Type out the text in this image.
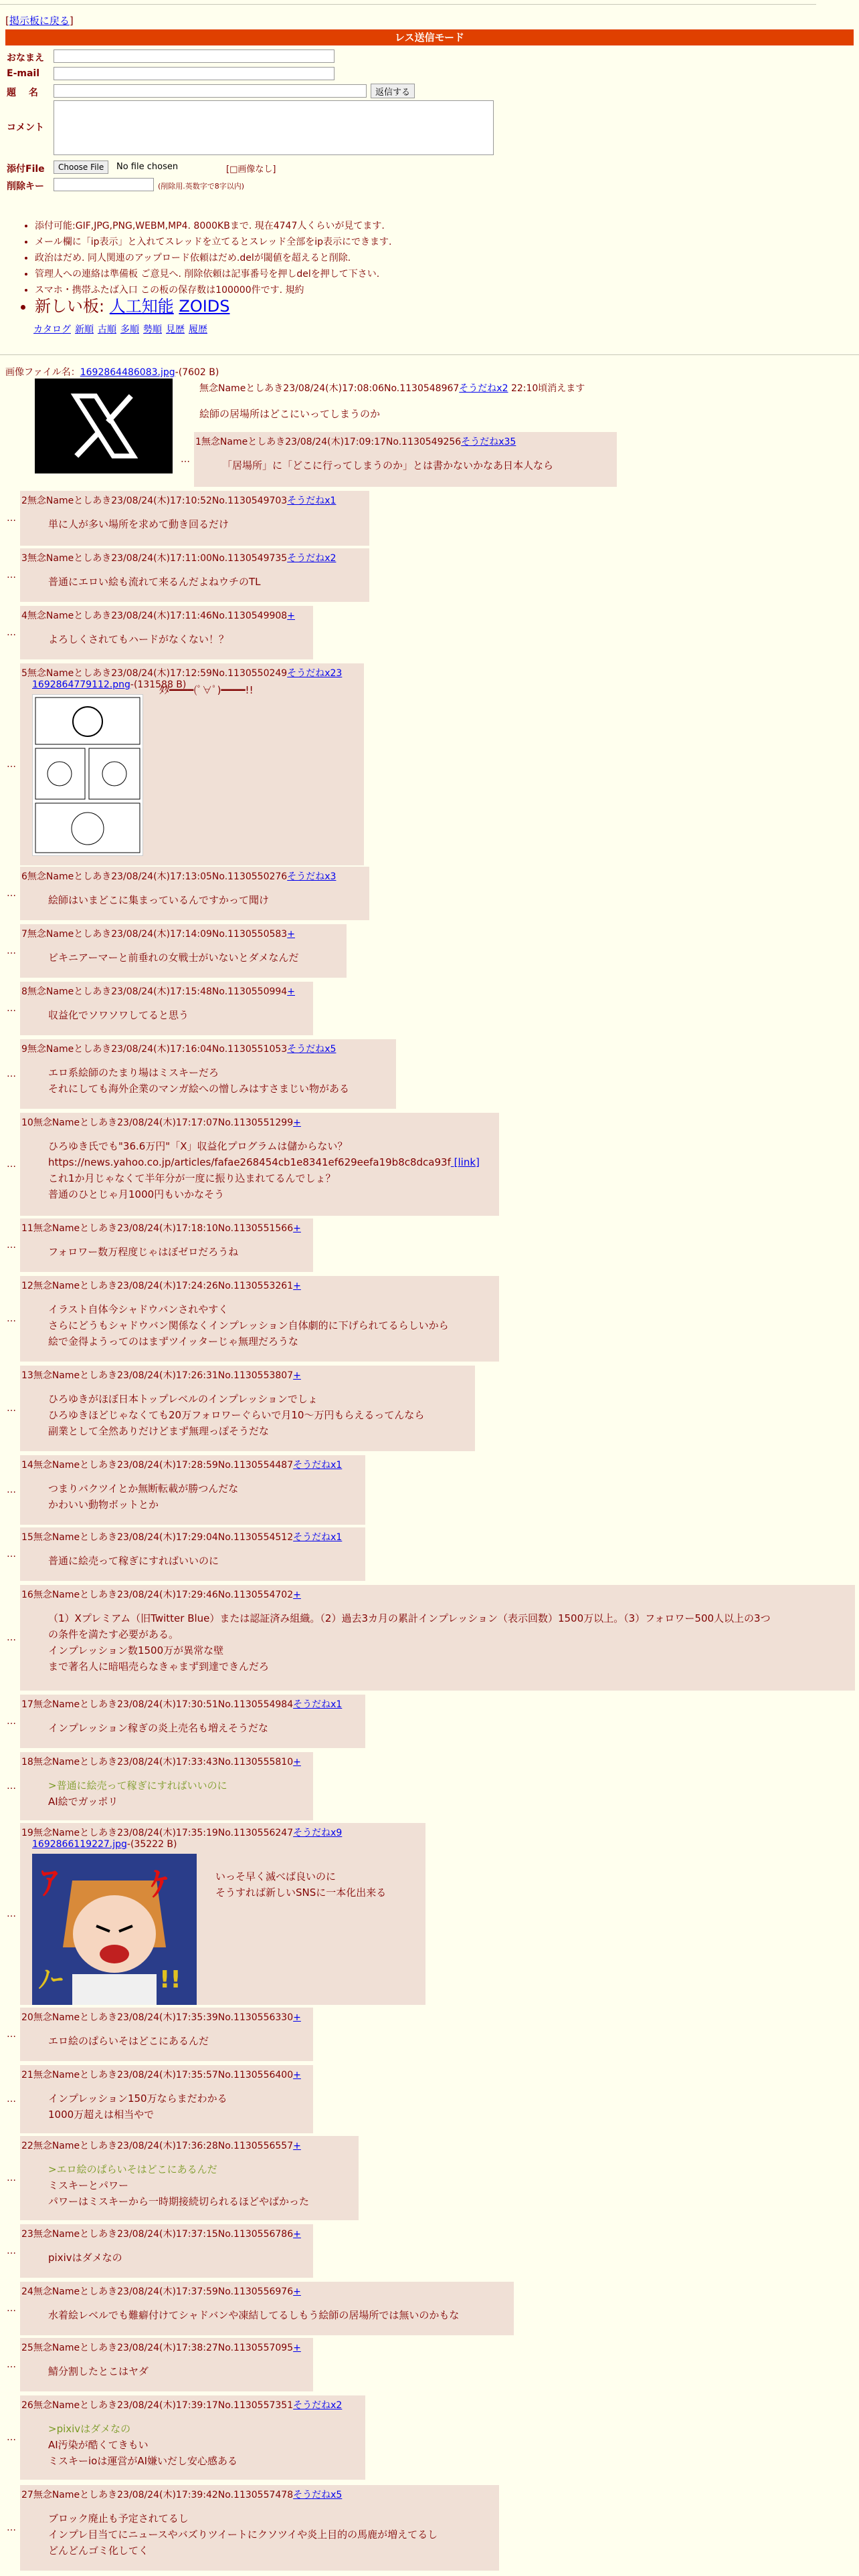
[掲示板に戻る]
レス送信モード
おなまえ
E-mail
題　 名	返信する
コメント
添付File	Choose File	No file chosen	[□画像なし]
削除キー	(削除用.英数字で8字以内)
• 添付可能:GIF,JPG,PNG,WEBM,MP4. 8000KBまで. 現在4747人くらいが見てます.
• メール欄に「ip表示」と入れてスレッドを立てるとスレッド全部をip表示にできます.
• 政治はだめ. 同人関連のアップロード依頼はだめ.delが閾値を超えると削除.
• 管理人への連絡は準備板 ご意見へ. 削除依頼は記事番号を押しdelを押して下さい.
• スマホ・携帯ふたば入口 この板の保存数は100000件です. 規約
• 新しい板: 人工知能 ZOIDS
カタログ 新順 古順 多順 勢順 見歴 履歴
画像ファイル名：1692864486083.jpg-(7602 B)
無念Nameとしあき23/08/24(木)17:08:06No.1130548967そうだねx2 22:10頃消えます
絵師の居場所はどこにいってしまうのか
…
1無念Nameとしあき23/08/24(木)17:09:17No.1130549256そうだねx35
「居場所」に「どこに行ってしまうのか」とは書かないかなあ日本人なら
…
2無念Nameとしあき23/08/24(木)17:10:52No.1130549703そうだねx1
単に人が多い場所を求めて動き回るだけ
…
3無念Nameとしあき23/08/24(木)17:11:00No.1130549735そうだねx2
普通にエロい絵も流れて来るんだよねウチのTL
…
4無念Nameとしあき23/08/24(木)17:11:46No.1130549908+
よろしくされてもハードがなくない！？
…
5無念Nameとしあき23/08/24(木)17:12:59No.1130550249そうだねx23
1692864779112.png-(131588 B)
ﾀﾀ━━━━(ﾟ∀ﾟ)━━━━!!
…
6無念Nameとしあき23/08/24(木)17:13:05No.1130550276そうだねx3
絵師はいまどこに集まっているんですかって聞け
…
7無念Nameとしあき23/08/24(木)17:14:09No.1130550583+
ビキニアーマーと前垂れの女戦士がいないとダメなんだ
…
8無念Nameとしあき23/08/24(木)17:15:48No.1130550994+
収益化でソワソワしてると思う
…
9無念Nameとしあき23/08/24(木)17:16:04No.1130551053そうだねx5
エロ系絵師のたまり場はミスキーだろ
それにしても海外企業のマンガ絵への憎しみはすさまじい物がある
…
10無念Nameとしあき23/08/24(木)17:17:07No.1130551299+
ひろゆき氏でも"36.6万円"「X」収益化プログラムは儲からない？
https://news.yahoo.co.jp/articles/fafae268454cb1e8341ef629eefa19b8c8dca93f [link]
これ1か月じゃなくて半年分が一度に振り込まれてるんでしょ？
普通のひとじゃ月1000円もいかなそう
…
11無念Nameとしあき23/08/24(木)17:18:10No.1130551566+
フォロワー数万程度じゃはぼゼロだろうね
…
12無念Nameとしあき23/08/24(木)17:24:26No.1130553261+
イラスト自体今シャドウバンされやすく
さらにどうもシャドウバン関係なくインプレッション自体劇的に下げられてるらしいから
絵で金得ようってのはまずツイッターじゃ無理だろうな
…
13無念Nameとしあき23/08/24(木)17:26:31No.1130553807+
ひろゆきがほぼ日本トップレベルのインプレッションでしょ
ひろゆきほどじゃなくても20万フォロワーぐらいで月10〜万円もらえるってんなら
副業として全然ありだけどまず無理っぽそうだな
…
14無念Nameとしあき23/08/24(木)17:28:59No.1130554487そうだねx1
つまりバクツイとか無断転載が勝つんだな
かわいい動物ボットとか
…
15無念Nameとしあき23/08/24(木)17:29:04No.1130554512そうだねx1
普通に絵売って稼ぎにすればいいのに
…
16無念Nameとしあき23/08/24(木)17:29:46No.1130554702+
（1）Xプレミアム（旧Twitter Blue）または認証済み組織。（2）過去3カ月の累計インプレッション（表示回数）1500万以上。（3）フォロワー500人以上の3つ
の条件を満たす必要がある。
インプレッション数1500万が異常な壁
まで著名人に暗唱売らなきゃまず到達できんだろ
…
17無念Nameとしあき23/08/24(木)17:30:51No.1130554984そうだねx1
インプレッション稼ぎの炎上売名も増えそうだな
…
18無念Nameとしあき23/08/24(木)17:33:43No.1130555810+
>普通に絵売って稼ぎにすればいいのに
AI絵でガッポリ
…
19無念Nameとしあき23/08/24(木)17:35:19No.1130556247そうだねx9
1692866119227.jpg-(35222 B)
ｱ	ｹ
ﾉｰ	!!
いっそ早く滅べば良いのに
そうすれば新しいSNSに一本化出来る
…
20無念Nameとしあき23/08/24(木)17:35:39No.1130556330+
エロ絵のぱらいそはどこにあるんだ
…
21無念Nameとしあき23/08/24(木)17:35:57No.1130556400+
インプレッション150万ならまだわかる
1000万超えは相当やで
…
22無念Nameとしあき23/08/24(木)17:36:28No.1130556557+
>エロ絵のぱらいそはどこにあるんだ
ミスキーとパワー
パワーはミスキーから一時期接続切られるほどやばかった
…
23無念Nameとしあき23/08/24(木)17:37:15No.1130556786+
pixivはダメなの
…
24無念Nameとしあき23/08/24(木)17:37:59No.1130556976+
水着絵レベルでも難癖付けてシャドバンや凍結してるしもう絵師の居場所では無いのかもな
…
25無念Nameとしあき23/08/24(木)17:38:27No.1130557095+
鯖分割したとこはヤダ
…
26無念Nameとしあき23/08/24(木)17:39:17No.1130557351そうだねx2
>pixivはダメなの
AI汚染が酷くてきもい
ミスキーioは運営がAI嫌いだし安心感ある
…
27無念Nameとしあき23/08/24(木)17:39:42No.1130557478そうだねx5
ブロック廃止も予定されてるし
インプレ目当てにニュースやバズりツイートにクソツイや炎上目的の馬鹿が増えてるし
どんどんゴミ化してく
